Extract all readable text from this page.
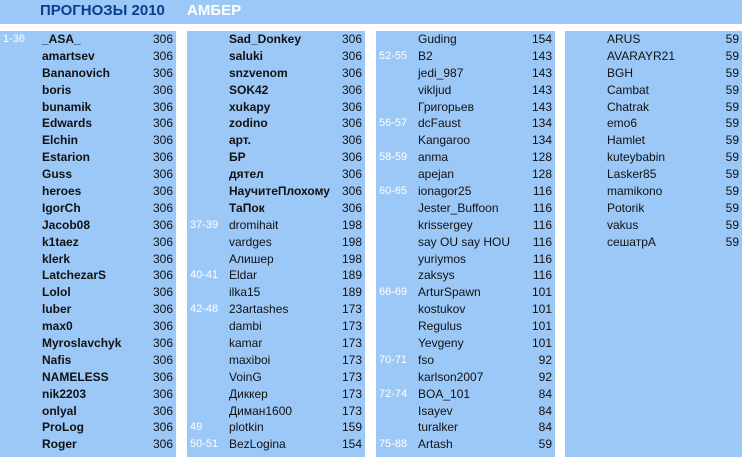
ПРОГНОЗЫ 2010 АМБЕР
1-36 _ASA_	306
amartsev	306
Bananovich	306
boris	306
bunamik	306
Edwards	306
Elchin	306
Estarion	306
Guss	306
heroes	306
IgorCh	306
Jacob08	306
k1taez	306
klerk	306
LatchezarS	306
Lolol	306
luber	306
max0	306
Myroslavchyk	306
Nafis	306
NAMELESS	306
nik2203	306
onlyal	306
ProLog	306
Roger	306
Sad_Donkey	306
saluki	306
snzvenom	306
SOK42	306
xukapy	306
zodino	306
арт.	306
БР	306
дятел	306
НаучитеПлохому 306
ТаПок	306
37-39 dromihait	198
vardges	198
Алишер	198
40-41 Eldar	189
ilka15	189
42-48 23artashes	173
dambi	173
kamar	173
maxiboi	173
VoinG	173
Диккер	173
Диман1600	173
49 plotkin	159
50-51 BezLogina	154
Guding	154
52-55 B2	143
jedi_987	143
vikljud	143
Григорьев	143
56-57 dcFaust	134
Kangaroo	134
58-59 anma	128
apejan	128
60-65 ionagor25	116
Jester_Buffoon	116
krissergey	116
say OU say HOU 116
yuriymos	116
zaksys	116
66-69 ArturSpawn	101
kostukov	101
Regulus	101
Yevgeny	101
70-71 fso	92
karlson2007	92
72-74 BOA_101	84
Isayev	84
turalker	84
75-88 Artash	59
ARUS	59
AVARAYR21	59
BGH	59
Cambat	59
Chatrak	59
emo6	59
Hamlet	59
kuteybabin	59
Lasker85	59
mamikono	59
Potorik	59
vakus	59
сешатрА	59
